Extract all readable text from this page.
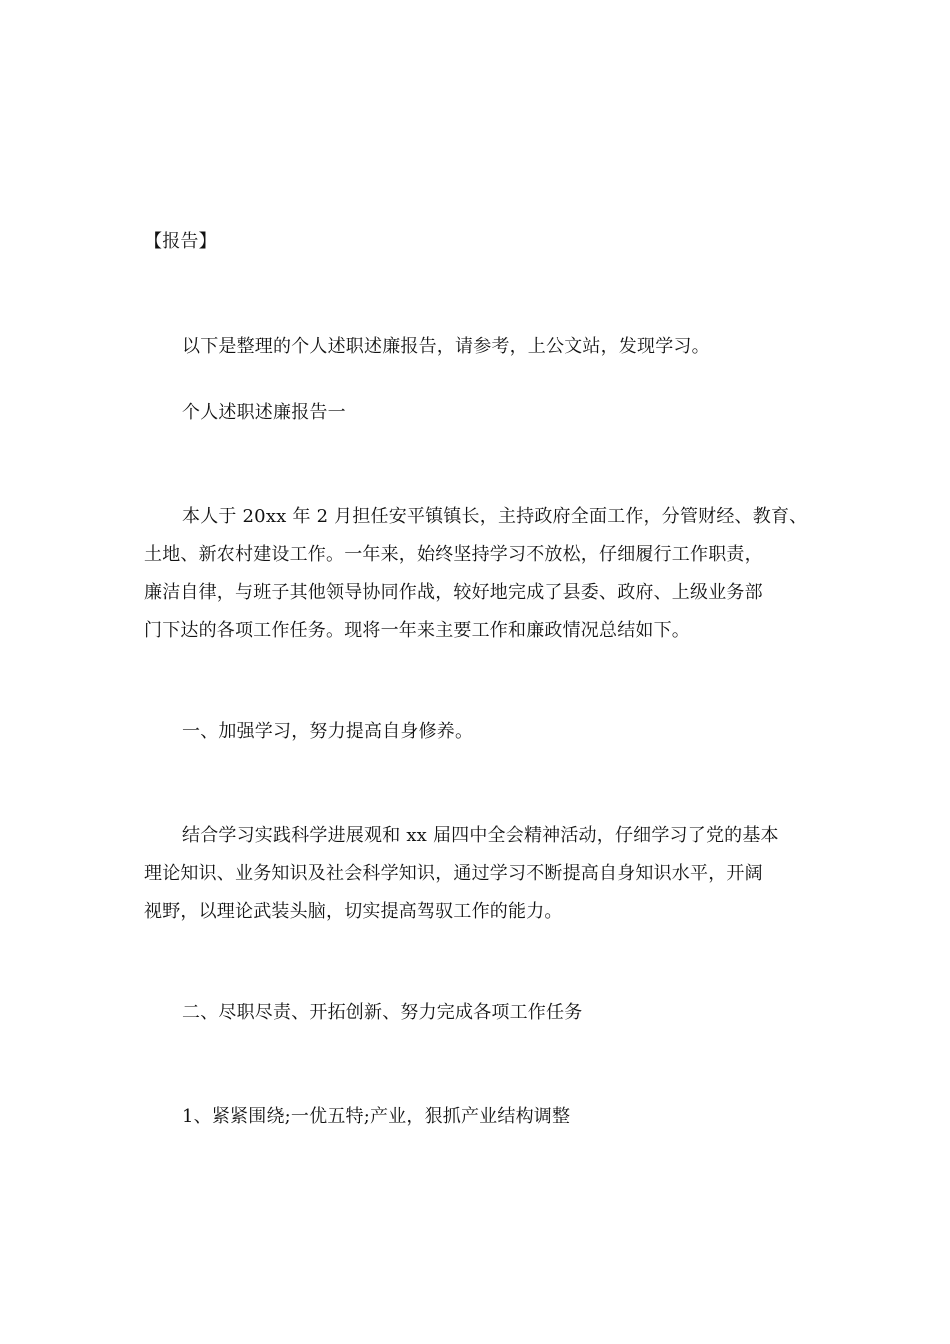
【报告】
以下是整理的个人述职述廉报告，请参考，上公文站，发现学习。
个人述职述廉报告一
本人于 20xx 年 2 月担任安平镇镇长，主持政府全面工作，分管财经、教育、
土地、新农村建设工作。一年来，始终坚持学习不放松，仔细履行工作职责，
廉洁自律，与班子其他领导协同作战，较好地完成了县委、政府、上级业务部
门下达的各项工作任务。现将一年来主要工作和廉政情况总结如下。
一、加强学习，努力提高自身修养。
结合学习实践科学进展观和 xx 届四中全会精神活动，仔细学习了党的基本
理论知识、业务知识及社会科学知识，通过学习不断提高自身知识水平，开阔
视野，以理论武装头脑，切实提高驾驭工作的能力。
二、尽职尽责、开拓创新、努力完成各项工作任务
1、紧紧围绕;一优五特;产业，狠抓产业结构调整
